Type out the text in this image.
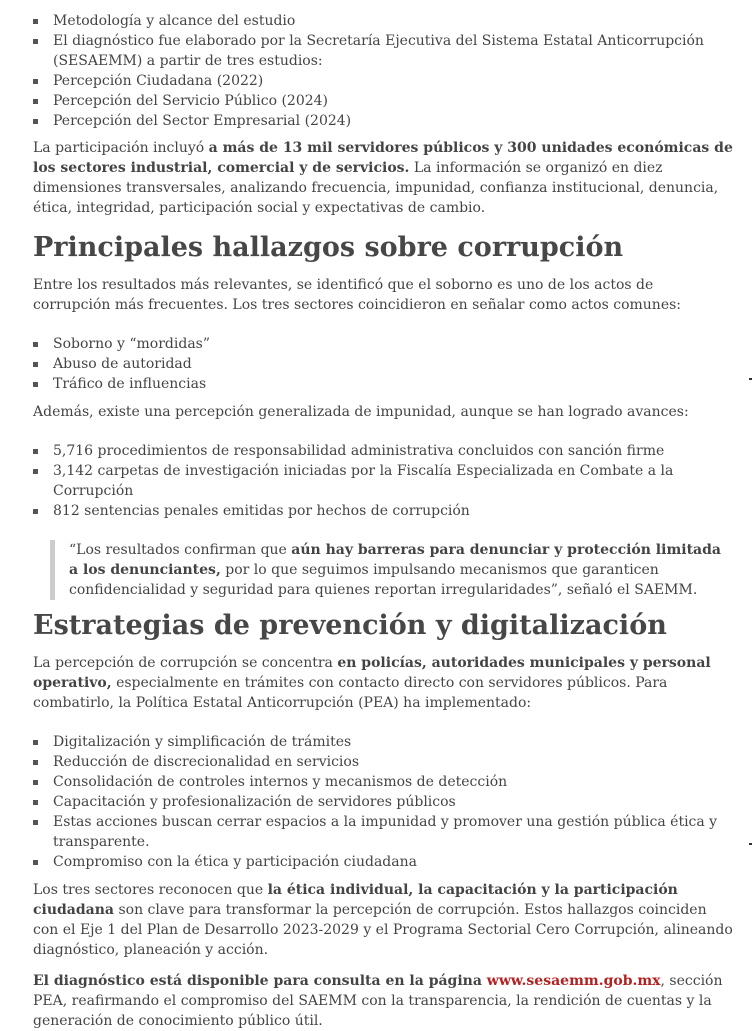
Metodología y alcance del estudio
El diagnóstico fue elaborado por la Secretaría Ejecutiva del Sistema Estatal Anticorrupción (SESAEMM) a partir de tres estudios:
Percepción Ciudadana (2022)
Percepción del Servicio Público (2024)
Percepción del Sector Empresarial (2024)

La participación incluyó a más de 13 mil servidores públicos y 300 unidades económicas de los sectores industrial, comercial y de servicios. La información se organizó en diez dimensiones transversales, analizando frecuencia, impunidad, confianza institucional, denuncia, ética, integridad, participación social y expectativas de cambio.

Principales hallazgos sobre corrupción

Entre los resultados más relevantes, se identificó que el soborno es uno de los actos de corrupción más frecuentes. Los tres sectores coincidieron en señalar como actos comunes:

Soborno y “mordidas”
Abuso de autoridad
Tráfico de influencias

Además, existe una percepción generalizada de impunidad, aunque se han logrado avances:

5,716 procedimientos de responsabilidad administrativa concluidos con sanción firme
3,142 carpetas de investigación iniciadas por la Fiscalía Especializada en Combate a la Corrupción
812 sentencias penales emitidas por hechos de corrupción
“Los resultados confirman que aún hay barreras para denunciar y protección limitada a los denunciantes, por lo que seguimos impulsando mecanismos que garanticen confidencialidad y seguridad para quienes reportan irregularidades”, señaló el SAEMM.
Estrategias de prevención y digitalización

La percepción de corrupción se concentra en policías, autoridades municipales y personal operativo, especialmente en trámites con contacto directo con servidores públicos. Para combatirlo, la Política Estatal Anticorrupción (PEA) ha implementado:

Digitalización y simplificación de trámites
Reducción de discrecionalidad en servicios
Consolidación de controles internos y mecanismos de detección
Capacitación y profesionalización de servidores públicos
Estas acciones buscan cerrar espacios a la impunidad y promover una gestión pública ética y transparente.
Compromiso con la ética y participación ciudadana

Los tres sectores reconocen que la ética individual, la capacitación y la participación ciudadana son clave para transformar la percepción de corrupción. Estos hallazgos coinciden con el Eje 1 del Plan de Desarrollo 2023-2029 y el Programa Sectorial Cero Corrupción, alineando diagnóstico, planeación y acción.

El diagnóstico está disponible para consulta en la página www.sesaemm.gob.mx, sección PEA, reafirmando el compromiso del SAEMM con la transparencia, la rendición de cuentas y la generación de conocimiento público útil.
